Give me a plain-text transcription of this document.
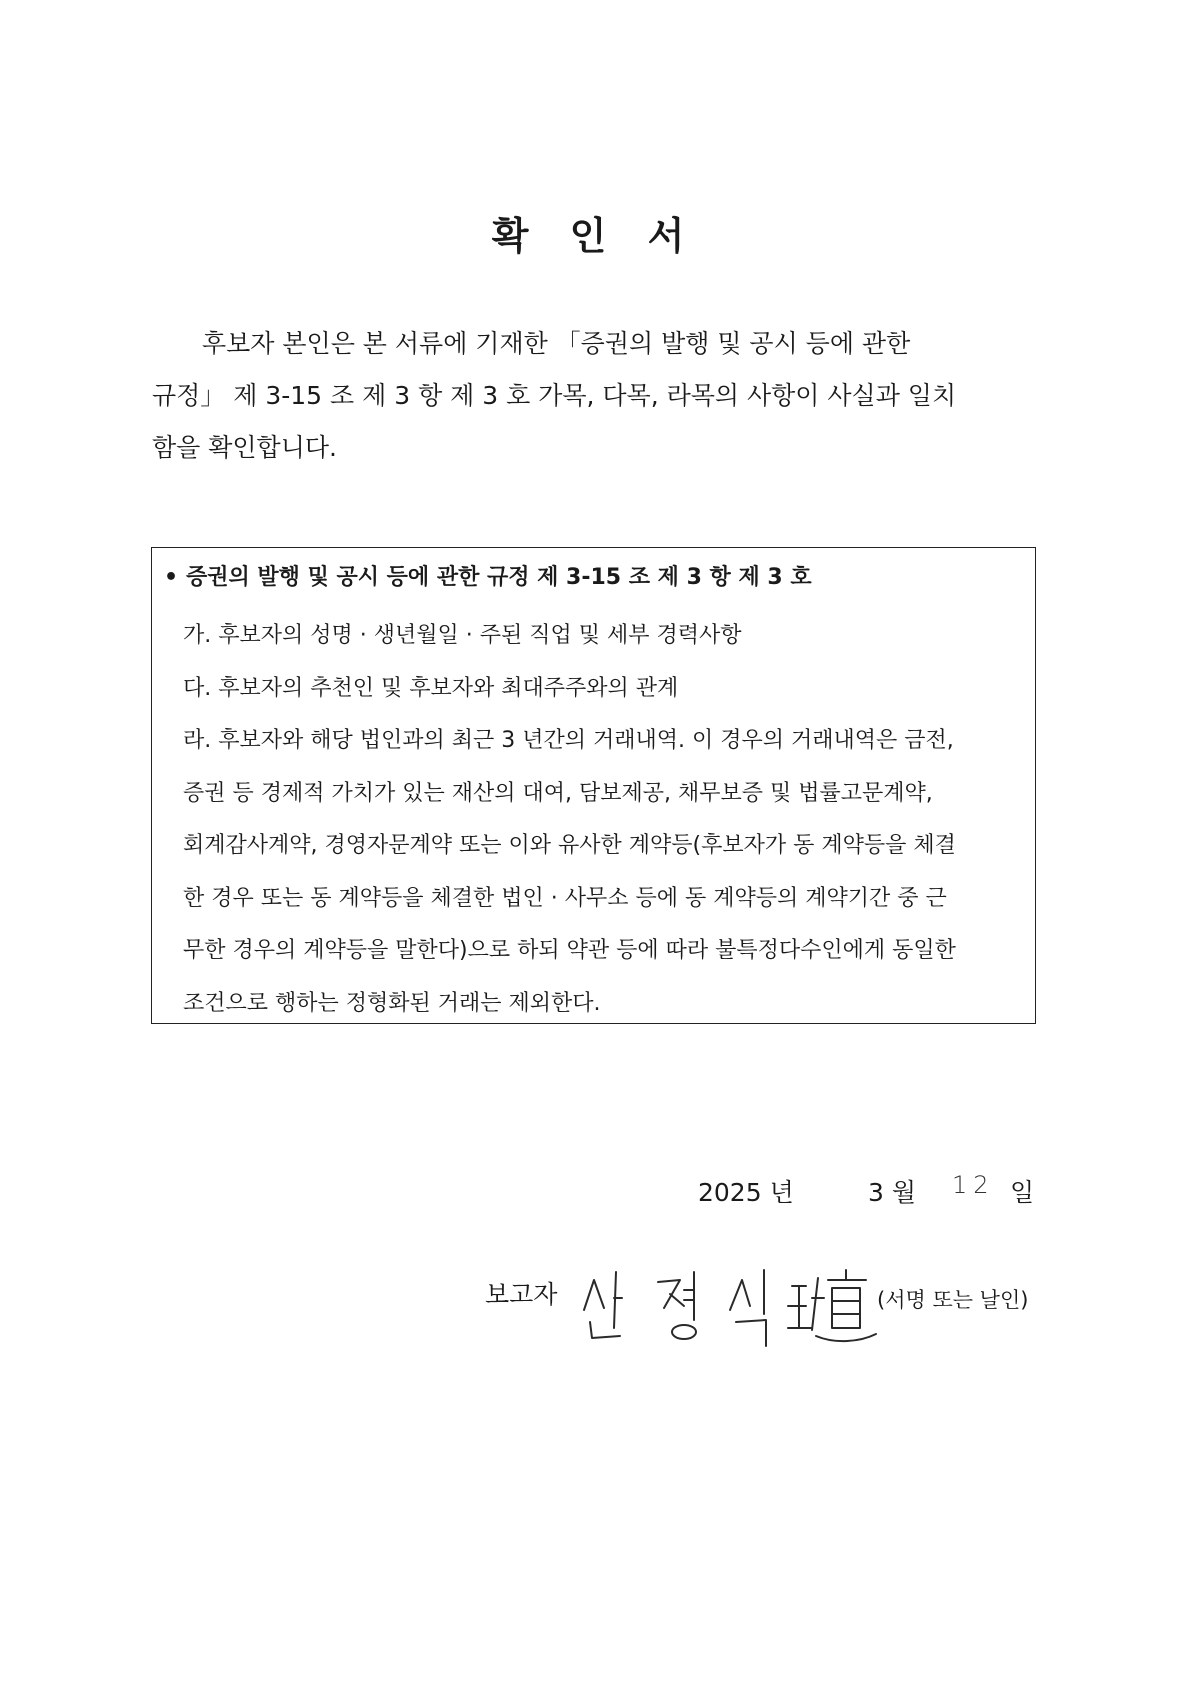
확 인 서
후보자 본인은 본 서류에 기재한 「증권의 발행 및 공시 등에 관한
규정」 제 3-15 조 제 3 항 제 3 호 가목, 다목, 라목의 사항이 사실과 일치
함을 확인합니다.
• 증권의 발행 및 공시 등에 관한 규정 제 3-15 조 제 3 항 제 3 호
가. 후보자의 성명 · 생년월일 · 주된 직업 및 세부 경력사항
다. 후보자의 추천인 및 후보자와 최대주주와의 관계
라. 후보자와 해당 법인과의 최근 3 년간의 거래내역. 이 경우의 거래내역은 금전,
증권 등 경제적 가치가 있는 재산의 대여, 담보제공, 채무보증 및 법률고문계약,
회계감사계약, 경영자문계약 또는 이와 유사한 계약등(후보자가 동 계약등을 체결
한 경우 또는 동 계약등을 체결한 법인 · 사무소 등에 동 계약등의 계약기간 중 근
무한 경우의 계약등을 말한다)으로 하되 약관 등에 따라 불특정다수인에게 동일한
조건으로 행하는 정형화된 거래는 제외한다.
2025 년	3 월 12 일
보고자	(서명 또는 날인)
